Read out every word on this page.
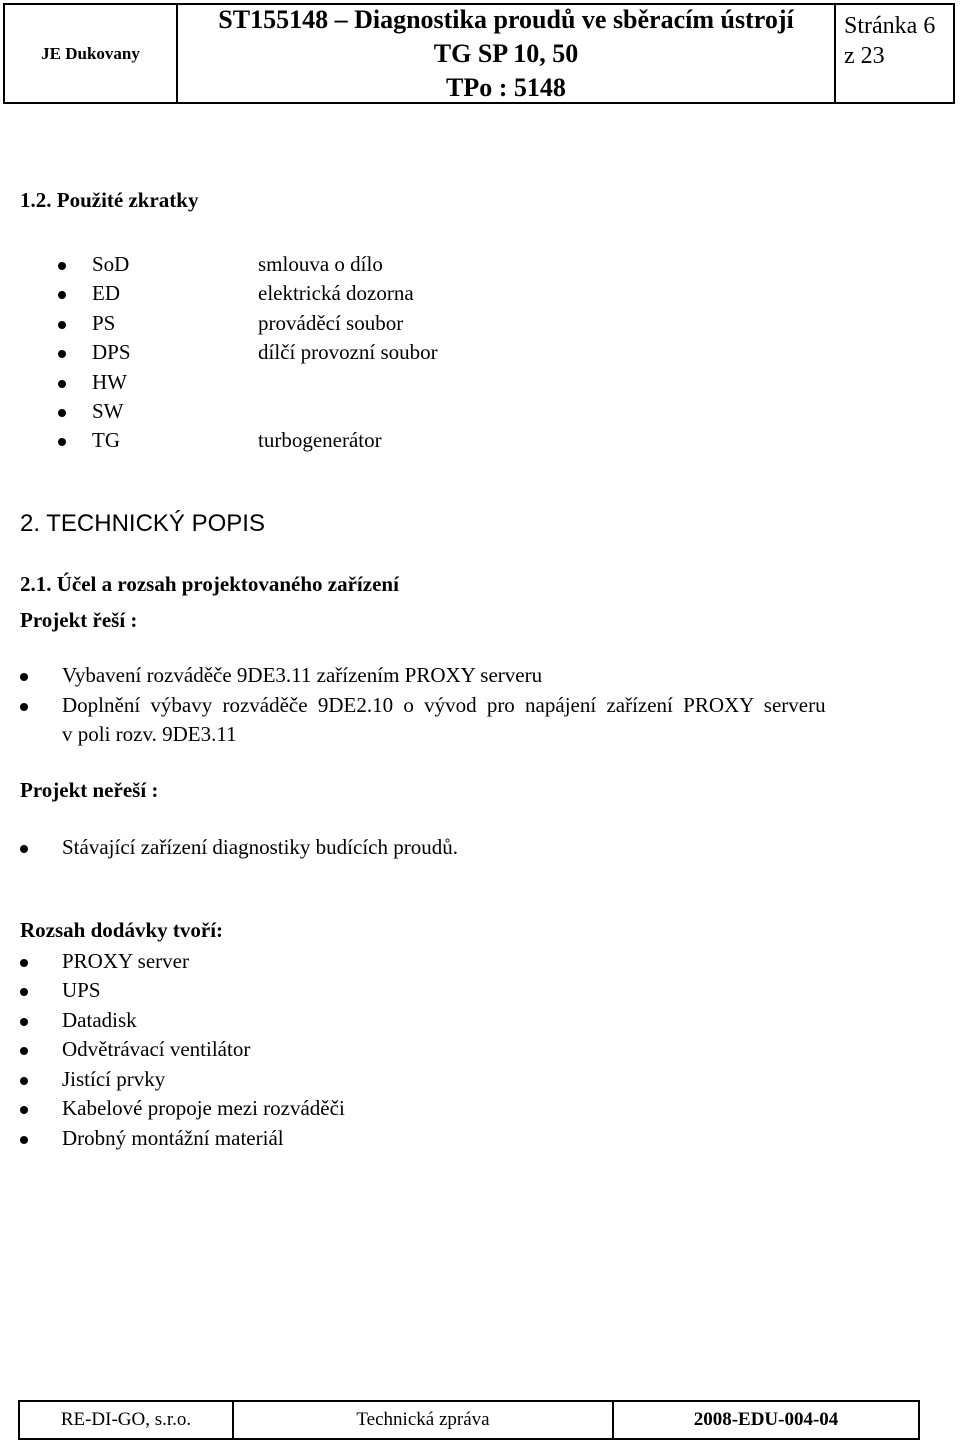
JE Dukovany
ST155148 – Diagnostika proudů ve sběracím ústrojí
TG SP 10, 50
TPo : 5148
Stránka 6
z 23
1.2. Použité zkratky
SoD	smlouva o dílo
ED	elektrická dozorna
PS	prováděcí soubor
DPS	dílčí provozní soubor
HW
SW
TG	turbogenerátor
2. TECHNICKÝ POPIS
2.1. Účel a rozsah projektovaného zařízení
Projekt řeší :
Vybavení rozváděče 9DE3.11 zařízením PROXY serveru
Doplnění výbavy rozváděče 9DE2.10 o vývod pro napájení zařízení PROXY serveru
v poli rozv. 9DE3.11
Projekt neřeší :
Stávající zařízení diagnostiky budících proudů.
Rozsah dodávky tvoří:
PROXY server
UPS
Datadisk
Odvětrávací ventilátor
Jistící prvky
Kabelové propoje mezi rozváděči
Drobný montážní materiál
RE-DI-GO, s.r.o.	Technická zpráva	2008-EDU-004-04
